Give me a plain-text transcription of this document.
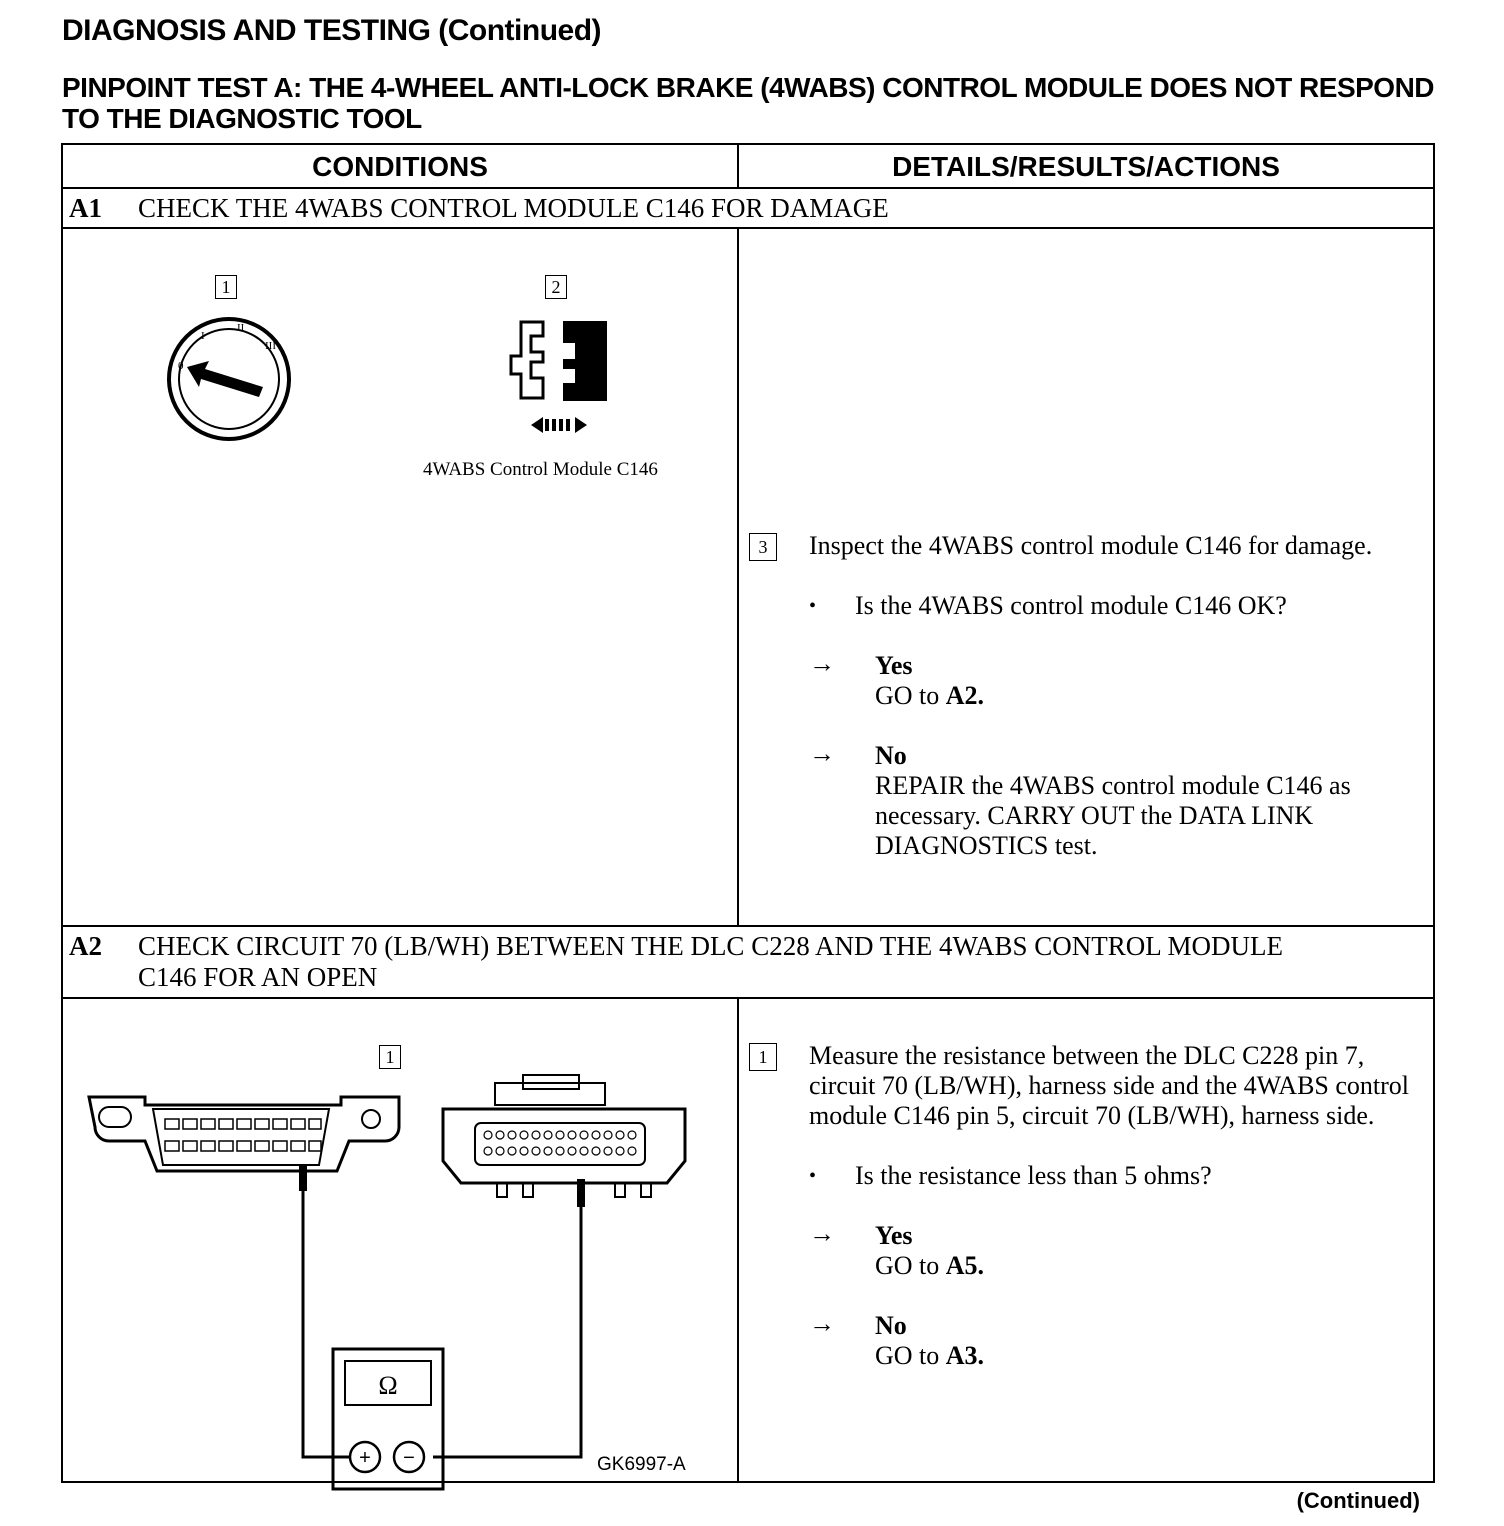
DIAGNOSIS AND TESTING (Continued)
PINPOINT TEST A: THE 4-WHEEL ANTI-LOCK BRAKE (4WABS) CONTROL MODULE DOES NOT RESPOND TO THE DIAGNOSTIC TOOL
CONDITIONS	DETAILS/RESULTS/ACTIONS
A1 CHECK THE 4WABS CONTROL MODULE C146 FOR DAMAGE
1	2
0
I
II
III
4WABS Control Module C146
3	Inspect the 4WABS control module C146 for damage.
• Is the 4WABS control module C146 OK?
→ Yes
GO to A2.
→ No
REPAIR the 4WABS control module C146 as necessary. CARRY OUT the DATA LINK DIAGNOSTICS test.
A2 CHECK CIRCUIT 70 (LB/WH) BETWEEN THE DLC C228 AND THE 4WABS CONTROL MODULE C146 FOR AN OPEN
1
Ω
+ −	GK6997-A
1	Measure the resistance between the DLC C228 pin 7, circuit 70 (LB/WH), harness side and the 4WABS control module C146 pin 5, circuit 70 (LB/WH), harness side.
• Is the resistance less than 5 ohms?
→ Yes
GO to A5.
→ No
GO to A3.
(Continued)
